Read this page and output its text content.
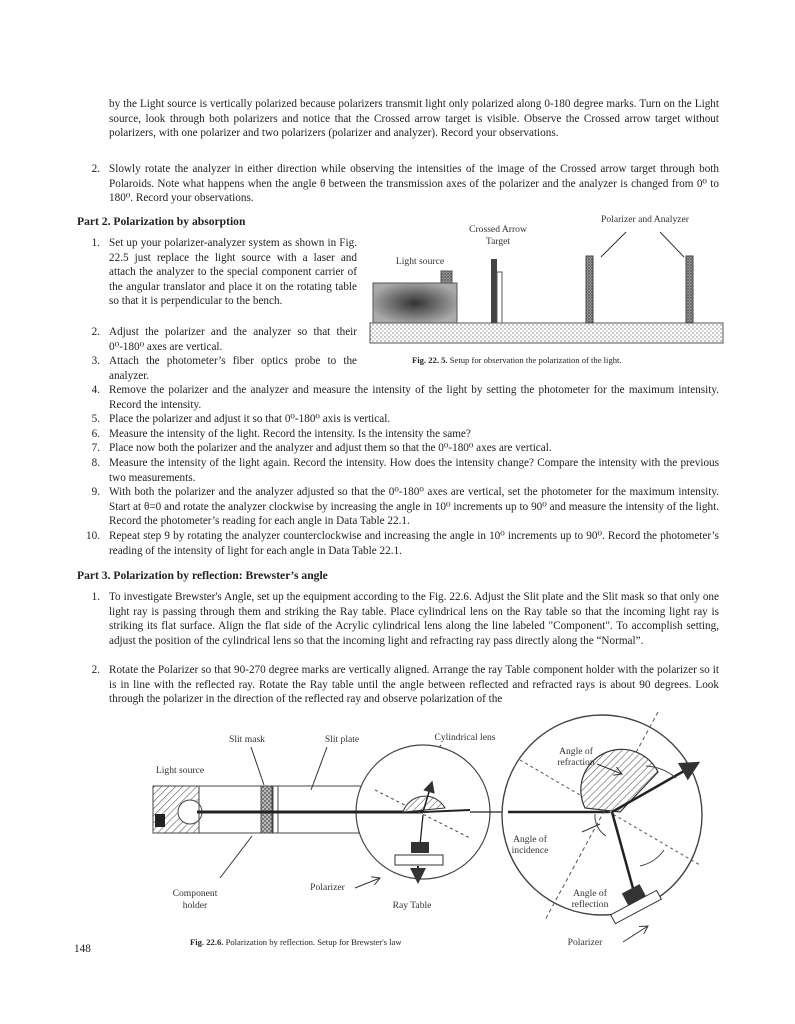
by the Light source is vertically polarized because polarizers transmit light only polarized along 0-180 degree marks. Turn on the Light source, look through both polarizers and notice that the Crossed arrow target is visible. Observe the Crossed arrow target without polarizers, with one polarizer and two polarizers (polarizer and analyzer). Record your observations.
2. Slowly rotate the analyzer in either direction while observing the intensities of the image of the Crossed arrow target through both Polaroids. Note what happens when the angle θ between the transmission axes of the polarizer and the analyzer is changed from 0⁰ to 180⁰. Record your observations.
Part 2. Polarization by absorption
1. Set up your polarizer-analyzer system as shown in Fig. 22.5 just replace the light source with a laser and attach the analyzer to the special component carrier of the angular translator and place it on the rotating table so that it is perpendicular to the bench.
2. Adjust the polarizer and the analyzer so that their 0⁰-180⁰ axes are vertical.
3. Attach the photometer’s fiber optics probe to the analyzer.
4. Remove the polarizer and the analyzer and measure the intensity of the light by setting the photometer for the maximum intensity. Record the intensity.
5. Place the polarizer and adjust it so that 0⁰-180⁰ axis is vertical.
6. Measure the intensity of the light. Record the intensity. Is the intensity the same?
7. Place now both the polarizer and the analyzer and adjust them so that the 0⁰-180⁰ axes are vertical.
8. Measure the intensity of the light again. Record the intensity. How does the intensity change? Compare the intensity with the previous two measurements.
9. With both the polarizer and the analyzer adjusted so that the 0⁰-180⁰ axes are vertical, set the photometer for the maximum intensity. Start at θ=0 and rotate the analyzer clockwise by increasing the angle in 10⁰ increments up to 90⁰ and measure the intensity of the light. Record the photometer’s reading for each angle in Data Table 22.1.
10. Repeat step 9 by rotating the analyzer counterclockwise and increasing the angle in 10⁰ increments up to 90⁰. Record the photometer’s reading of the intensity of light for each angle in Data Table 22.1.
Crossed Arrow
Target
Polarizer and Analyzer
Light source
Fig. 22. 5. Setup for observation the polarization of the light.
Part 3. Polarization by reflection: Brewster’s angle
1. To investigate Brewster's Angle, set up the equipment according to the Fig. 22.6. Adjust the Slit plate and the Slit mask so that only one light ray is passing through them and striking the Ray table. Place cylindrical lens on the Ray table so that the incoming light ray is striking its flat surface. Align the flat side of the Acrylic cylindrical lens along the line labeled "Component". To accomplish setting, adjust the position of the cylindrical lens so that the incoming light and refracting ray pass directly along the “Normal”.
2. Rotate the Polarizer so that 90-270 degree marks are vertically aligned. Arrange the ray Table component holder with the polarizer so it is in line with the reflected ray. Rotate the Ray table until the angle between reflected and refracted rays is about 90 degrees. Look through the polarizer in the direction of the reflected ray and observe polarization of the
Slit mask	Slit plate	Cylindrical lens
Light source
Component
holder
Polarizer
Ray Table
Angle of
refraction
Angle of
incidence
Angle of
reflection
Polarizer
Fig. 22.6. Polarization by reflection. Setup for Brewster's law
148
